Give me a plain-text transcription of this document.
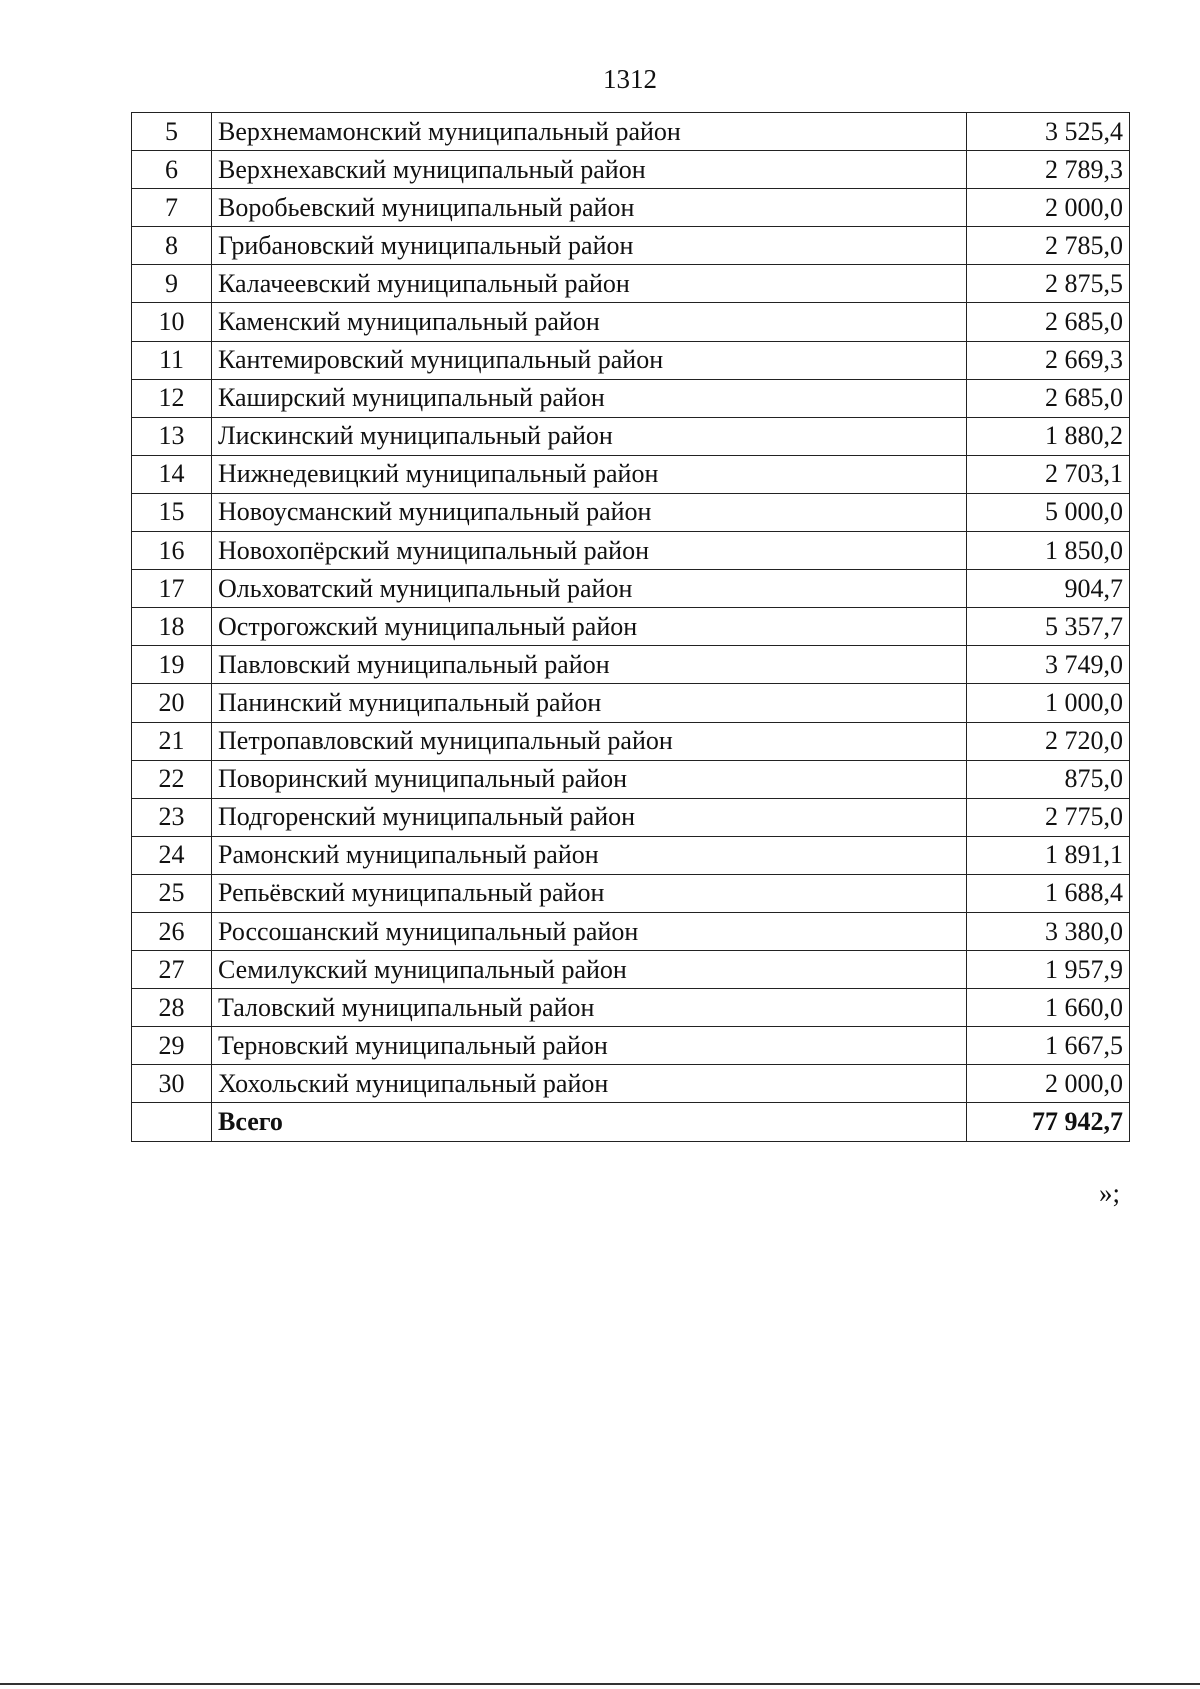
1312
5	Верхнемамонский муниципальный район	3 525,4
6	Верхнехавский муниципальный район	2 789,3
7	Воробьевский муниципальный район	2 000,0
8	Грибановский муниципальный район	2 785,0
9	Калачеевский муниципальный район	2 875,5
10	Каменский муниципальный район	2 685,0
11	Кантемировский муниципальный район	2 669,3
12	Каширский муниципальный район	2 685,0
13	Лискинский муниципальный район	1 880,2
14	Нижнедевицкий муниципальный район	2 703,1
15	Новоусманский муниципальный район	5 000,0
16	Новохопёрский муниципальный район	1 850,0
17	Ольховатский муниципальный район	904,7
18	Острогожский муниципальный район	5 357,7
19	Павловский муниципальный район	3 749,0
20	Панинский муниципальный район	1 000,0
21	Петропавловский муниципальный район	2 720,0
22	Поворинский муниципальный район	875,0
23	Подгоренский муниципальный район	2 775,0
24	Рамонский муниципальный район	1 891,1
25	Репьёвский муниципальный район	1 688,4
26	Россошанский муниципальный район	3 380,0
27	Семилукский муниципальный район	1 957,9
28	Таловский муниципальный район	1 660,0
29	Терновский муниципальный район	1 667,5
30	Хохольский муниципальный район	2 000,0
	Всего	77 942,7
»;
